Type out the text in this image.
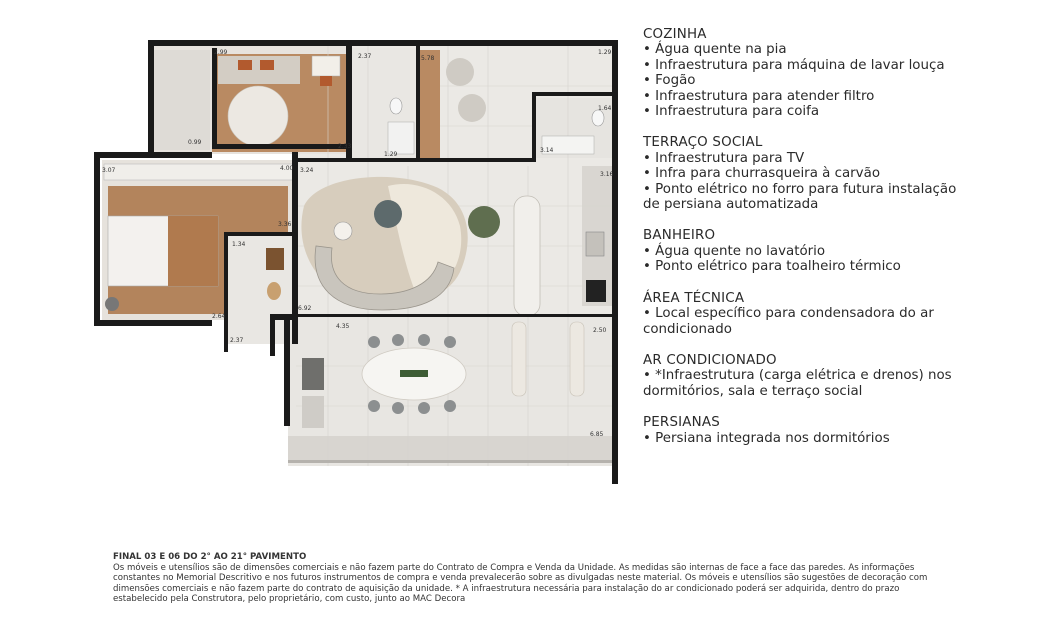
2.99
2.37	5.78
1.29
0.99
2.33
1.29
1.64
3.14
3.16
4.00 3.24
3.07
3.36
1.34
6.92
2.64
4.35
2.37
2.50
6.85
COZINHA
• Água quente na pia
• Infraestrutura para máquina de lavar louça
• Fogão
• Infraestrutura para atender filtro
• Infraestrutura para coifa
TERRAÇO SOCIAL
• Infraestrutura para TV
• Infra para churrasqueira à carvão
• Ponto elétrico no forro para futura instalação
de persiana automatizada
BANHEIRO
• Água quente no lavatório
• Ponto elétrico para toalheiro térmico
ÁREA TÉCNICA
• Local específico para condensadora do ar
condicionado
AR CONDICIONADO
• *Infraestrutura (carga elétrica e drenos) nos
dormitórios, sala e terraço social
PERSIANAS
• Persiana integrada nos dormitórios
FINAL 03 E 06 DO 2° AO 21° PAVIMENTO
Os móveis e utensílios são de dimensões comerciais e não fazem parte do Contrato de Compra e Venda da Unidade. As medidas são internas de face a face das paredes. As informações
constantes no Memorial Descritivo e nos futuros instrumentos de compra e venda prevalecerão sobre as divulgadas neste material. Os móveis e utensílios são sugestões de decoração com
dimensões comerciais e não fazem parte do contrato de aquisição da unidade. * A infraestrutura necessária para instalação do ar condicionado poderá ser adquirida, dentro do prazo
estabelecido pela Construtora, pelo proprietário, com custo, junto ao MAC Decora
